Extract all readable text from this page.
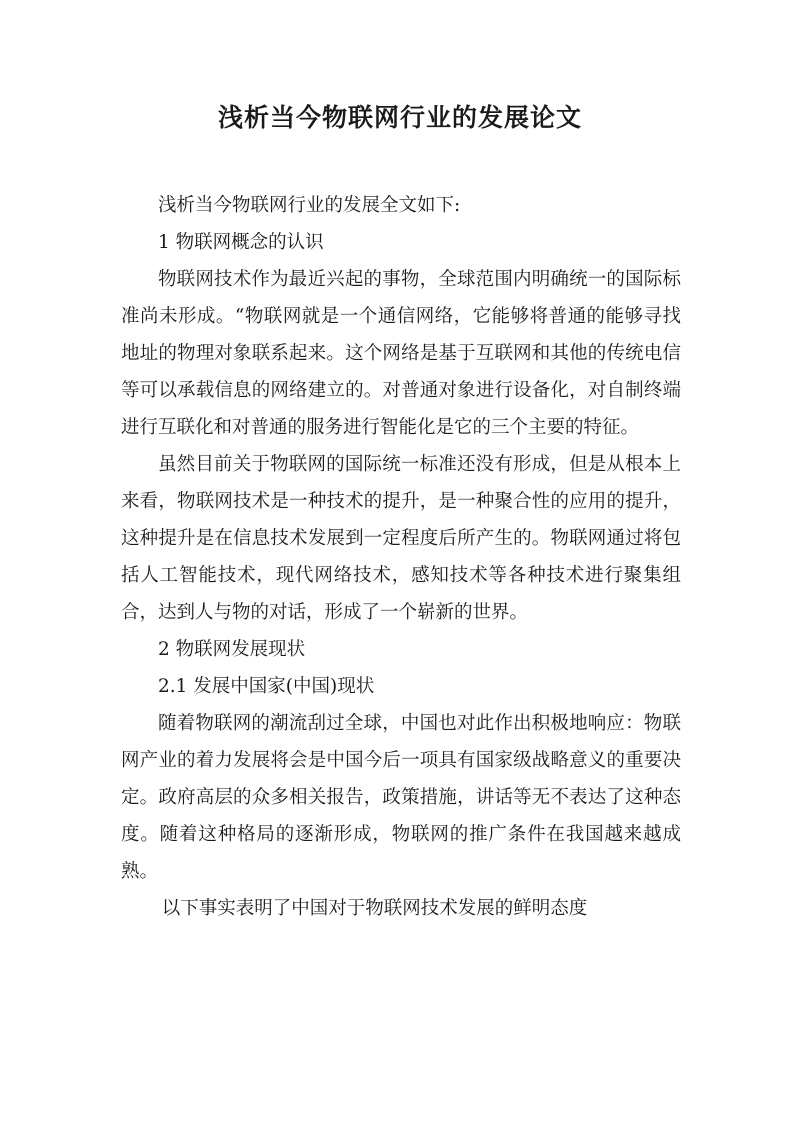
浅析当今物联网行业的发展论文

浅析当今物联网行业的发展全文如下:

1 物联网概念的认识

物联网技术作为最近兴起的事物，全球范围内明确统一的国际标准尚未形成。“物联网就是一个通信网络，它能够将普通的能够寻找地址的物理对象联系起来。这个网络是基于互联网和其他的传统电信等可以承载信息的网络建立的。对普通对象进行设备化，对自制终端进行互联化和对普通的服务进行智能化是它的三个主要的特征。

虽然目前关于物联网的国际统一标准还没有形成，但是从根本上来看，物联网技术是一种技术的提升，是一种聚合性的应用的提升，这种提升是在信息技术发展到一定程度后所产生的。物联网通过将包括人工智能技术，现代网络技术，感知技术等各种技术进行聚集组合，达到人与物的对话，形成了一个崭新的世界。

2 物联网发展现状

2.1 发展中国家(中国)现状

随着物联网的潮流刮过全球，中国也对此作出积极地响应：物联网产业的着力发展将会是中国今后一项具有国家级战略意义的重要决定。政府高层的众多相关报告，政策措施，讲话等无不表达了这种态度。随着这种格局的逐渐形成，物联网的推广条件在我国越来越成熟。

以下事实表明了中国对于物联网技术发展的鲜明态度
